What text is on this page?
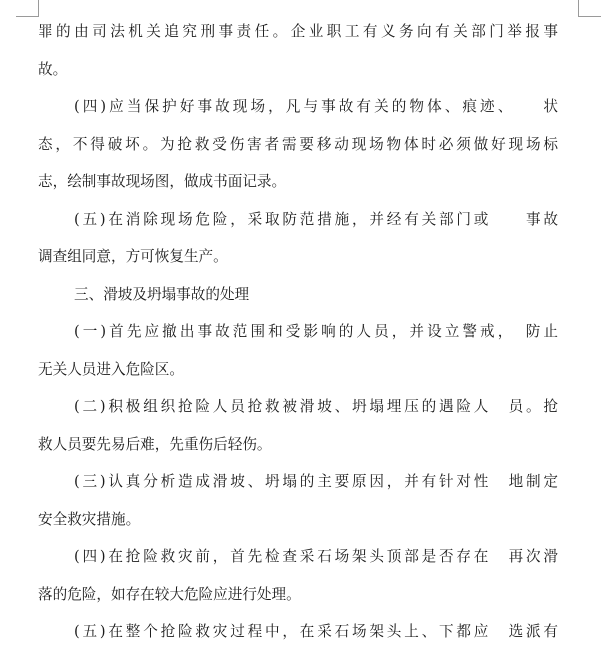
罪的由司法机关追究刑事责任。企业职工有义务向有关部门举报事
故。
(四)应当保护好事故现场，凡与事故有关的物体、痕迹、　　状
态，不得破坏。为抢救受伤害者需要移动现场物体时必须做好现场标
志，绘制事故现场图，做成书面记录。
(五)在消除现场危险，采取防范措施，并经有关部门或　　事故
调查组同意，方可恢复生产。
三、滑坡及坍塌事故的处理
(一)首先应撤出事故范围和受影响的人员，并设立警戒，　防止
无关人员进入危险区。
(二)积极组织抢险人员抢救被滑坡、坍塌埋压的遇险人　员。抢
救人员要先易后难，先重伤后轻伤。
(三)认真分析造成滑坡、坍塌的主要原因，并有针对性　地制定
安全救灾措施。
(四)在抢险救灾前，首先检查采石场架头顶部是否存在　再次滑
落的危险，如存在较大危险应进行处理。
(五)在整个抢险救灾过程中，在采石场架头上、下都应　选派有
